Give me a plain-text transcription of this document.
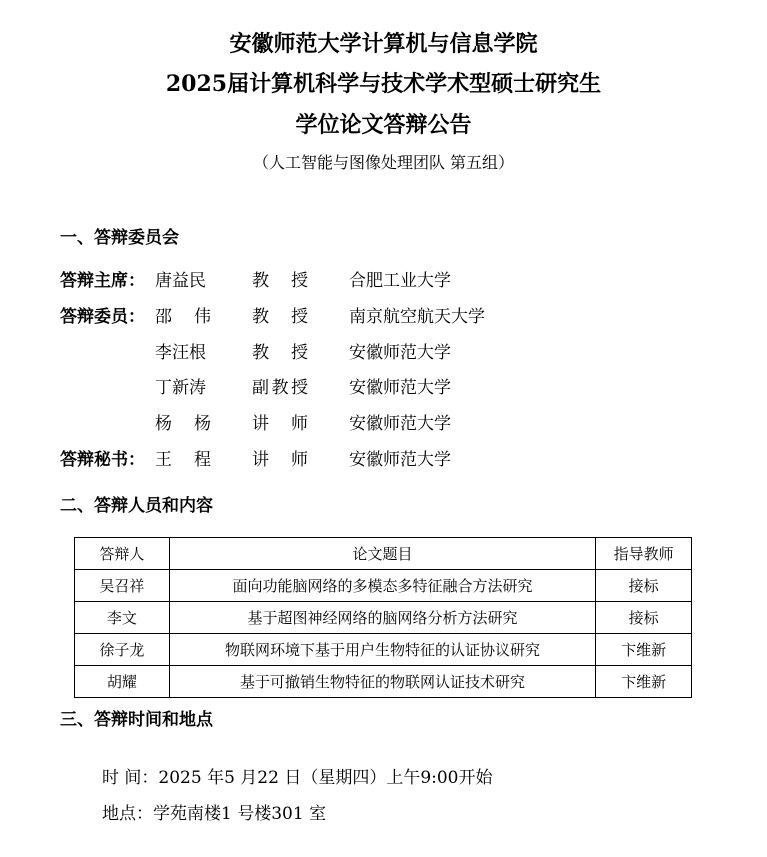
安徽师范大学计算机与信息学院
2025届计算机科学与技术学术型硕士研究生
学位论文答辩公告
（人工智能与图像处理团队 第五组）
一、答辩委员会
答辩主席： 唐益民	教　授 合肥工业大学
答辩委员： 邵　伟 教　授 南京航空航天大学
李汪根	教　授 安徽师范大学
丁新涛	副教授 安徽师范大学
杨　杨 讲　师 安徽师范大学
答辩秘书： 王　程 讲　师 安徽师范大学
二、答辩人员和内容
答辩人	论文题目	指导教师
吴召祥	面向功能脑网络的多模态多特征融合方法研究	接标
李文	基于超图神经网络的脑网络分析方法研究	接标
徐子龙	物联网环境下基于用户生物特征的认证协议研究	卞维新
胡耀	基于可撤销生物特征的物联网认证技术研究	卞维新
三、答辩时间和地点
时 间：2025 年5 月22 日（星期四）上午9:00开始
地点：学苑南楼1 号楼301 室
